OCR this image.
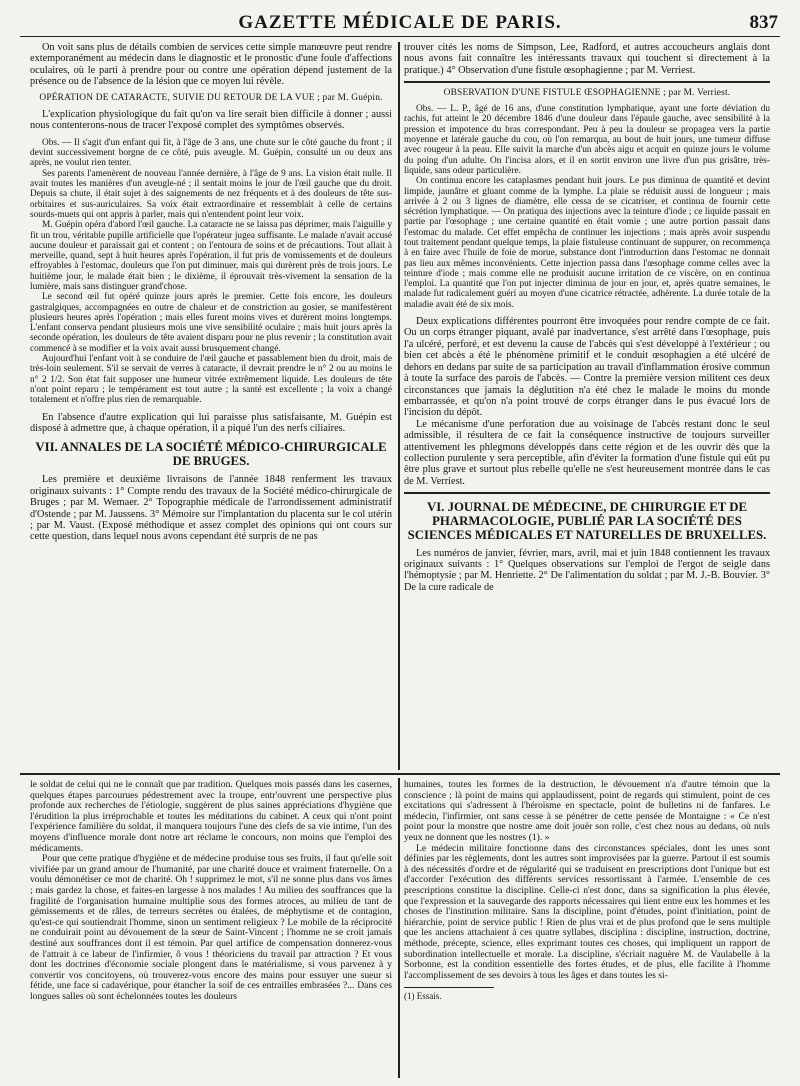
GAZETTE MÉDICALE DE PARIS.	837

On voit sans plus de détails combien de services cette simple manœuvre peut rendre extemporanément au médecin dans le diagnostic et le pronostic d'une foule d'affections oculaires, où le parti à prendre pour ou contre une opération dépend justement de la présence ou de l'absence de la lésion que ce moyen lui révèle.

OPÉRATION DE CATARACTE, SUIVIE DU RETOUR DE LA VUE ; par M. Guépin.

L'explication physiologique du fait qu'on va lire serait bien difficile à donner ; aussi nous contenterons-nous de tracer l'exposé complet des symptômes observés.

Obs. — Il s'agit d'un enfant qui fit, à l'âge de 3 ans, une chute sur le côté gauche du front ; il devint successivement borgne de ce côté, puis aveugle. M. Guépin, consulté un ou deux ans après, ne voulut rien tenter.

Ses parents l'amenèrent de nouveau l'année dernière, à l'âge de 9 ans. La vision était nulle. Il avait toutes les manières d'un aveugle-né ; il sentait moins le jour de l'œil gauche que du droit. Depuis sa chute, il était sujet à des saignements de nez fréquents et à des douleurs de tête sus-orbitaires et sus-auriculaires. Sa voix était extraordinaire et ressemblait à celle de certains sourds-muets qui ont appris à parler, mais qui n'entendent point leur voix.

M. Guépin opéra d'abord l'œil gauche. La cataracte ne se laissa pas déprimer, mais l'aiguille y fit un trou, véritable pupille artificielle que l'opérateur jugea suffisante. Le malade n'avait accusé aucune douleur et paraissait gai et content ; on l'entoura de soins et de précautions. Tout allait à merveille, quand, sept à huit heures après l'opération, il fut pris de vomissements et de douleurs effroyables à l'estomac, douleurs que l'on put diminuer, mais qui durèrent près de trois jours. Le huitième jour, le malade était bien ; le dixième, il éprouvait très-vivement la sensation de la lumière, mais sans distinguer grand'chose.

Le second œil fut opéré quinze jours après le premier. Cette fois encore, les douleurs gastralgiques, accompagnées en outre de chaleur et de constriction au gosier, se manifestèrent plusieurs heures après l'opération ; mais elles furent moins vives et durèrent moins longtemps. L'enfant conserva pendant plusieurs mois une vive sensibilité oculaire ; mais huit jours après la seconde opération, les douleurs de tête avaient disparu pour ne plus revenir ; la constitution avait commencé à se modifier et la voix avait aussi brusquement changé.

Aujourd'hui l'enfant voit à se conduire de l'œil gauche et passablement bien du droit, mais de très-loin seulement. S'il se servait de verres à cataracte, il devrait prendre le n° 2 ou au moins le n° 2 1/2. Son état fait supposer une humeur vitrée extrêmement liquide. Les douleurs de tête n'ont point reparu ; le tempérament est tout autre ; la santé est excellente ; la voix a changé totalement et n'offre plus rien de remarquable.

En l'absence d'autre explication qui lui paraisse plus satisfaisante, M. Guépin est disposé à admettre que, à chaque opération, il a piqué l'un des nerfs ciliaires.

VII. ANNALES DE LA SOCIÉTÉ MÉDICO-CHIRURGICALE DE BRUGES.

Les première et deuxième livraisons de l'année 1848 renferment les travaux originaux suivants : 1° Compte rendu des travaux de la Société médico-chirurgicale de Bruges ; par M. Wemaer. 2° Topographie médicale de l'arrondissement administratif d'Ostende ; par M. Jaussens. 3° Mémoire sur l'implantation du placenta sur le col utérin ; par M. Vaust. (Exposé méthodique et assez complet des opinions qui ont cours sur cette question, dans lequel nous avons cependant été surpris de ne pas

trouver cités les noms de Simpson, Lee, Radford, et autres accoucheurs anglais dont nous avons fait connaître les intéressants travaux qui touchent si directement à la pratique.) 4° Observation d'une fistule œsophagienne ; par M. Verriest.

OBSERVATION D'UNE FISTULE ŒSOPHAGIENNE ; par M. Verriest.

Obs. — L. P., âgé de 16 ans, d'une constitution lymphatique, ayant une forte déviation du rachis, fut atteint le 20 décembre 1846 d'une douleur dans l'épaule gauche, avec sensibilité à la pression et impotence du bras correspondant. Peu à peu la douleur se propagea vers la partie moyenne et latérale gauche du cou, où l'on remarqua, au bout de huit jours, une tumeur diffuse avec rougeur à la peau. Elle suivit la marche d'un abcès aigu et acquit en quinze jours le volume du poing d'un adulte. On l'incisa alors, et il en sortit environ une livre d'un pus grisâtre, très-liquide, sans odeur particulière.

On continua encore les cataplasmes pendant huit jours. Le pus diminua de quantité et devint limpide, jaunâtre et gluant comme de la lymphe. La plaie se réduisit aussi de longueur ; mais arrivée à 2 ou 3 lignes de diamètre, elle cessa de se cicatriser, et continua de fournir cette sécrétion lymphatique. — On pratiqua des injections avec la teinture d'iode ; ce liquide passait en partie par l'œsophage ; une certaine quantité en était vomie ; une autre portion passait dans l'estomac du malade. Cet effet empêcha de continuer les injections ; mais après avoir suspendu tout traitement pendant quelque temps, la plaie fistuleuse continuant de suppurer, on recommença à en faire avec l'huile de foie de morue, substance dont l'introduction dans l'estomac ne donnait pas lieu aux mêmes inconvénients. Cette injection passa dans l'œsophage comme celles avec la teinture d'iode ; mais comme elle ne produisit aucune irritation de ce viscère, on en continua l'emploi. La quantité que l'on put injecter diminua de jour en jour, et, après quatre semaines, le malade fut radicalement guéri au moyen d'une cicatrice rétractée, adhérente. La durée totale de la maladie avait été de six mois.

Deux explications différentes pourront être invoquées pour rendre compte de ce fait. Ou un corps étranger piquant, avalé par inadvertance, s'est arrêté dans l'œsophage, puis l'a ulcéré, perforé, et est devenu la cause de l'abcès qui s'est développé à l'extérieur ; ou bien cet abcès a été le phénomène primitif et le conduit œsophagien a été ulcéré de dehors en dedans par suite de sa participation au travail d'inflammation érosive commun à toute la surface des parois de l'abcès. — Contre la première version militent ces deux circonstances que jamais la déglutition n'a été chez le malade le moins du monde embarrassée, et qu'on n'a point trouvé de corps étranger dans le pus évacué lors de l'incision du dépôt.

Le mécanisme d'une perforation due au voisinage de l'abcès restant donc le seul admissible, il résultera de ce fait la conséquence instructive de toujours surveiller attentivement les phlegmons développés dans cette région et de les ouvrir dès que la collection purulente y sera perceptible, afin d'éviter la formation d'une fistule qui eût pu être plus grave et surtout plus rebelle qu'elle ne s'est heureusement montrée dans le cas de M. Verriest.

VI. JOURNAL DE MÉDECINE, DE CHIRURGIE ET DE PHARMACOLOGIE, PUBLIÉ PAR LA SOCIÉTÉ DES SCIENCES MÉDICALES ET NATURELLES DE BRUXELLES.

Les numéros de janvier, février, mars, avril, mai et juin 1848 contiennent les travaux originaux suivants : 1° Quelques observations sur l'emploi de l'ergot de seigle dans l'hémoptysie ; par M. Henriette. 2° De l'alimentation du soldat ; par M. J.-B. Bouvier. 3° De la cure radicale de

le soldat de celui qui ne le connaît que par tradition. Quelques mois passés dans les casernes, quelques étapes parcourues pédestrement avec la troupe, entr'ouvrent une perspective plus profonde aux recherches de l'étiologie, suggèrent de plus saines appréciations d'hygiène que l'érudition la plus irréprochable et toutes les méditations du cabinet. A ceux qui n'ont point l'expérience familière du soldat, il manquera toujours l'une des clefs de sa vie intime, l'un des moyens d'influence morale dont notre art réclame le concours, non moins que l'emploi des médicaments.

Pour que cette pratique d'hygiène et de médecine produise tous ses fruits, il faut qu'elle soit vivifiée par un grand amour de l'humanité, par une charité douce et vraiment fraternelle. On a voulu démonétiser ce mot de charité. Oh ! supprimez le mot, s'il ne sonne plus dans vos âmes ; mais gardez la chose, et faites-en largesse à nos malades ! Au milieu des souffrances que la fragilité de l'organisation humaine multiplie sous des formes atroces, au milieu de tant de gémissements et de râles, de terreurs secrètes ou étalées, de méphytisme et de contagion, qu'est-ce qui soutiendrait l'homme, sinon un sentiment religieux ? Le mobile de la réciprocité ne conduirait point au dévouement de la sœur de Saint-Vincent ; l'homme ne se croit jamais destiné aux souffrances dont il est témoin. Par quel artifice de compensation donnerez-vous de l'attrait à ce labeur de l'infirmier, ô vous ! théoriciens du travail par attraction ? Et vous dont les doctrines d'économie sociale plongent dans le matérialisme, si vous parvenez à y convertir vos concitoyens, où trouverez-vous encore des mains pour essuyer une sueur si fétide, une face si cadavérique, pour étancher la soif de ces entrailles embrasées ?... Dans ces longues salles où sont échelonnées toutes les douleurs

humaines, toutes les formes de la destruction, le dévouement n'a d'autre témoin que la conscience ; là point de mains qui applaudissent, point de regards qui stimulent, point de ces excitations qui s'adressent à l'héroïsme en spectacle, point de bulletins ni de fanfares. Le médecin, l'infirmier, ont sans cesse à se pénétrer de cette pensée de Montaigne : « Ce n'est point pour la monstre que nostre ame doit jouër son rolle, c'est chez nous au dedans, où nuls yeux ne donnent que les nostres (1). »

Le médecin militaire fonctionne dans des circonstances spéciales, dont les unes sont définies par les règlements, dont les autres sont improvisées par la guerre. Partout il est soumis à des nécessités d'ordre et de régularité qui se traduisent en prescriptions dont l'unique but est d'accorder l'exécution des différents services ressortissant à l'armée. L'ensemble de ces prescriptions constitue la discipline. Celle-ci n'est donc, dans sa signification la plus élevée, que l'expression et la sauvegarde des rapports nécessaires qui lient entre eux les hommes et les choses de l'institution militaire. Sans la discipline, point d'études, point d'initiation, point de hiérarchie, point de service public ! Rien de plus vrai et de plus profond que le sens multiple que les anciens attachaient à ces quatre syllabes, disciplina : discipline, instruction, doctrine, méthode, précepte, science, elles exprimant toutes ces choses, qui impliquent un rapport de subordination intellectuelle et morale. La discipline, s'écriait naguère M. de Vaulabelle à la Sorbonne, est la condition essentielle des fortes études, et de plus, elle facilite à l'homme l'accomplissement de ses devoirs à tous les âges et dans toutes les si-

(1) Essais.
